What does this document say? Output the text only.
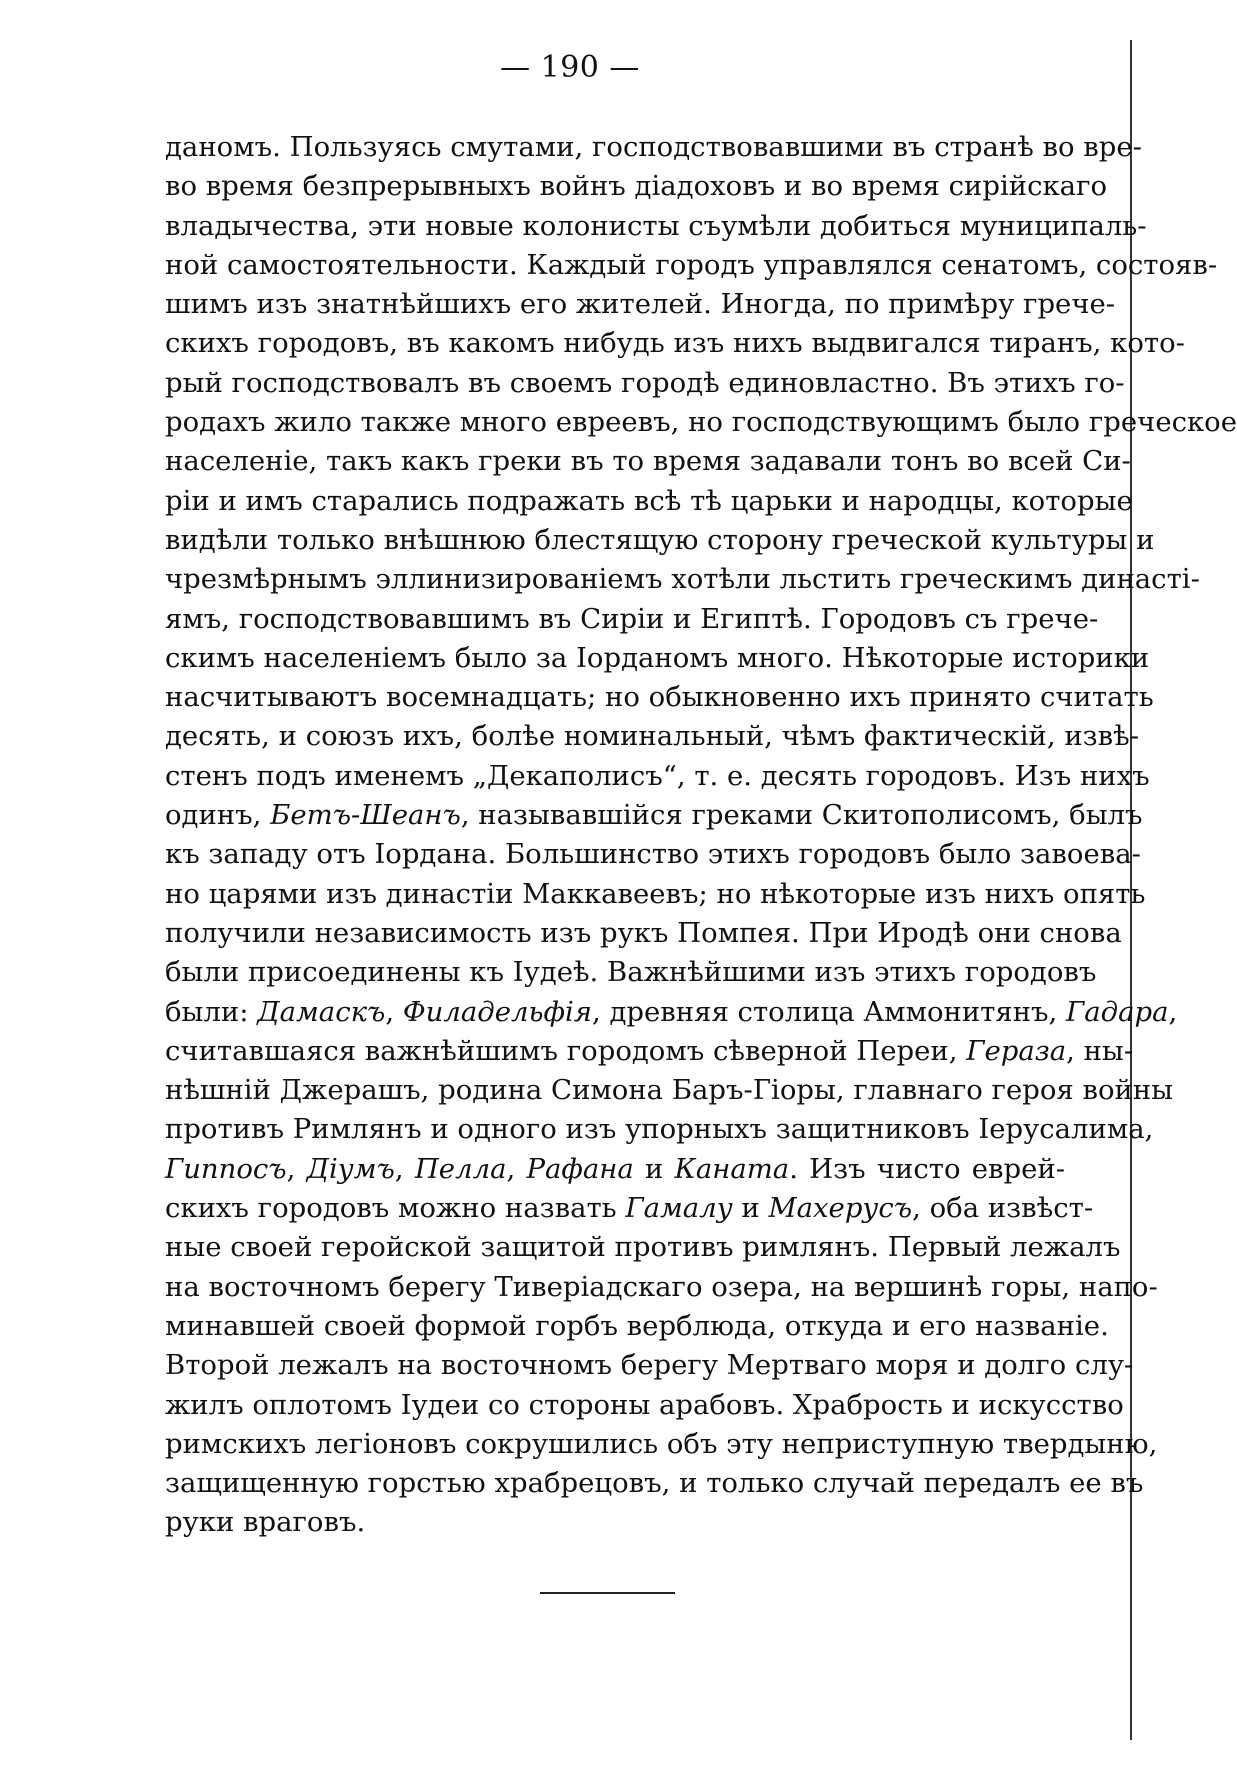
— 190 —
даномъ. Пользуясь смутами, господствовавшими въ странѣ во вре-
во время безпрерывныхъ войнъ діадоховъ и во время сирійскаго
владычества, эти новые колонисты съумѣли добиться муниципаль-
ной самостоятельности. Каждый городъ управлялся сенатомъ, состояв-
шимъ изъ знатнѣйшихъ его жителей. Иногда, по примѣру грече-
скихъ городовъ, въ какомъ нибудь изъ нихъ выдвигался тиранъ, кото-
рый господствовалъ въ своемъ городѣ единовластно. Въ этихъ го-
родахъ жило также много евреевъ, но господствующимъ было греческое
населеніе, такъ какъ греки въ то время задавали тонъ во всей Си-
ріи и имъ старались подражать всѣ тѣ царьки и народцы, которые
видѣли только внѣшнюю блестящую сторону греческой культуры и
чрезмѣрнымъ эллинизированіемъ хотѣли льстить греческимъ династі-
ямъ, господствовавшимъ въ Сиріи и Египтѣ. Городовъ съ грече-
скимъ населеніемъ было за Іорданомъ много. Нѣкоторые историки
насчитываютъ восемнадцать; но обыкновенно ихъ принято считать
десять, и союзъ ихъ, болѣе номинальный, чѣмъ фактическій, извѣ-
стенъ подъ именемъ „Декаполисъ“, т. е. десять городовъ. Изъ нихъ
одинъ, Бетъ-Шеанъ, называвшійся греками Скитополисомъ, былъ
къ западу отъ Іордана. Большинство этихъ городовъ было завоева-
но царями изъ династіи Маккавеевъ; но нѣкоторые изъ нихъ опять
получили независимость изъ рукъ Помпея. При Иродѣ они снова
были присоединены къ Іудеѣ. Важнѣйшими изъ этихъ городовъ
были: Дамаскъ, Филадельфія, древняя столица Аммонитянъ, Гадара,
считавшаяся важнѣйшимъ городомъ сѣверной Переи, Гераза, ны-
нѣшній Джерашъ, родина Симона Баръ-Гіоры, главнаго героя войны
противъ Римлянъ и одного изъ упорныхъ защитниковъ Іерусалима,
Гиппосъ, Діумъ, Пелла, Рафана и Каната. Изъ чисто еврей-
скихъ городовъ можно назвать Гамалу и Махерусъ, оба извѣст-
ные своей геройской защитой противъ римлянъ. Первый лежалъ
на восточномъ берегу Тиверіадскаго озера, на вершинѣ горы, напо-
минавшей своей формой горбъ верблюда, откуда и его названіе.
Второй лежалъ на восточномъ берегу Мертваго моря и долго слу-
жилъ оплотомъ Іудеи со стороны арабовъ. Храбрость и искусство
римскихъ легіоновъ сокрушились объ эту неприступную твердыню,
защищенную горстью храбрецовъ, и только случай передалъ ее въ
руки враговъ.
